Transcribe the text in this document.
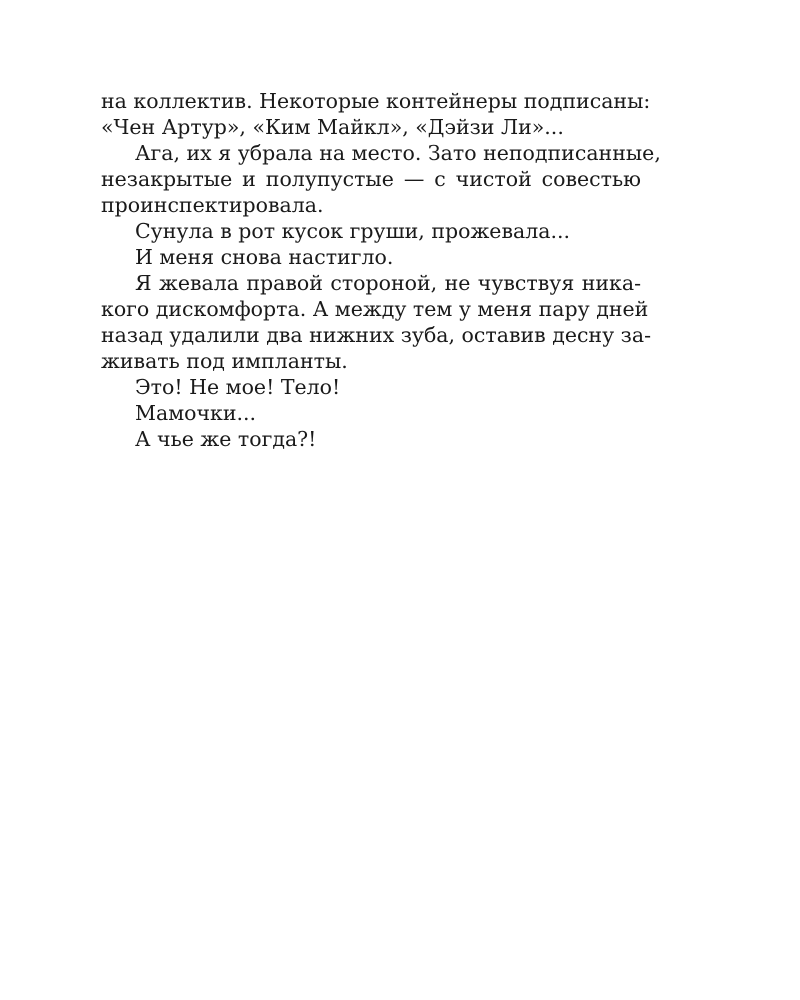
на коллектив. Некоторые контейнеры подписаны:
«Чен Артур», «Ким Майкл», «Дэйзи Ли»...
Ага, их я убрала на место. Зато неподписанные,
незакрытые и полупустые — с чистой совестью
проинспектировала.
Сунула в рот кусок груши, прожевала...
И меня снова настигло.
Я жевала правой стороной, не чувствуя ника-
кого дискомфорта. А между тем у меня пару дней
назад удалили два нижних зуба, оставив десну за-
живать под импланты.
Это! Не мое! Тело!
Мамочки...
А чье же тогда?!
